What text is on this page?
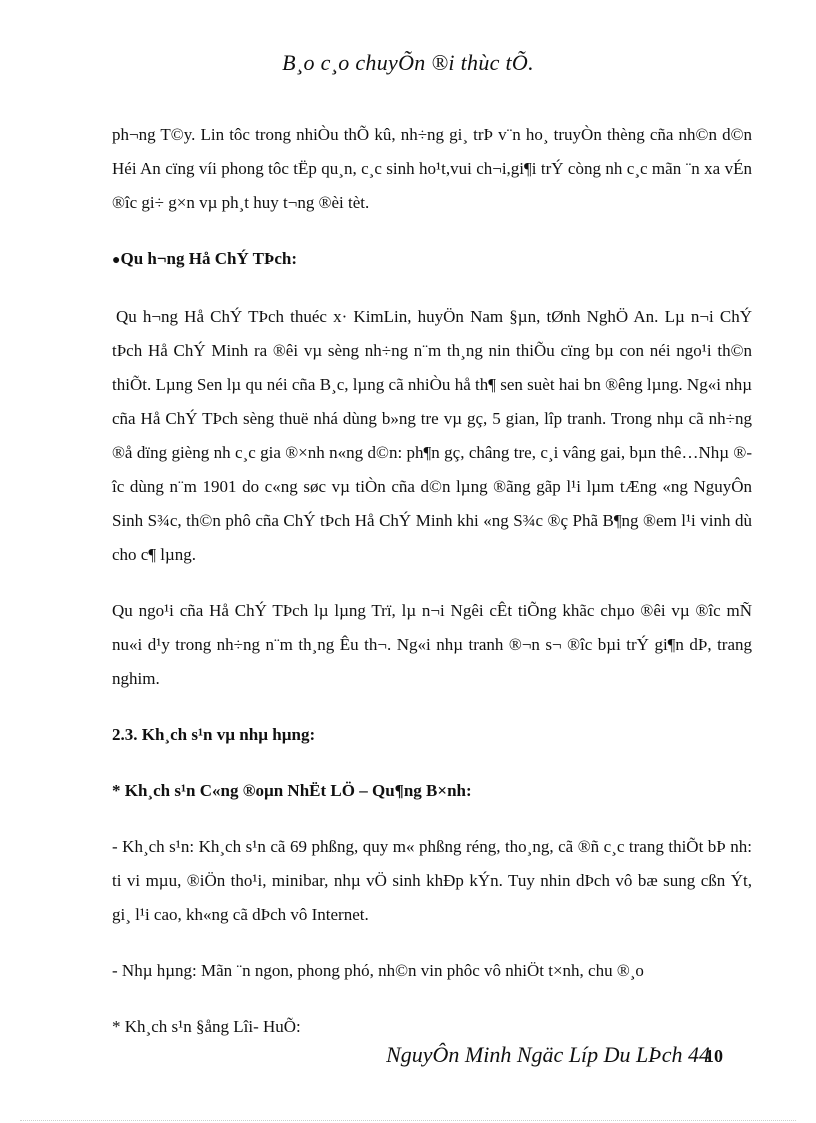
B¸o c¸o chuyÕn ®i thùc tÕ.

ph¬ng T©y. Lin tôc trong nhiÒu thÕ kû, nh÷ng gi¸ trÞ v¨n ho¸ truyÒn thèng cña nh©n d©n Héi An cïng víi phong tôc tËp qu¸n, c¸c sinh ho¹t,vui ch¬i,gi¶i trÝ còng nh c¸c mãn ¨n xa vÉn ®îc gi÷ g×n vµ ph¸t huy t¬ng ®èi tèt.

●Qu h¬ng Hå ChÝ TÞch:

Qu h¬ng Hå ChÝ TÞch thuéc x· KimLin, huyÖn Nam §µn, tØnh NghÖ An. Lµ n¬i ChÝ tÞch Hå ChÝ Minh ra ®êi vµ sèng nh÷ng n¨m th¸ng nin thiÕu cïng bµ con néi ngo¹i th©n thiÕt. Lµng Sen lµ qu néi cña B¸c, lµng cã nhiÒu hå th¶ sen suèt hai bn ®êng lµng. Ng«i nhµ cña Hå ChÝ TÞch sèng thuë nhá dùng b»ng tre vµ gç, 5 gian, lîp tranh. Trong nhµ cã nh÷ng ®å dïng gièng nh c¸c gia ®×nh n«ng d©n: ph¶n gç, châng tre, c¸i vâng gai, bµn thê…Nhµ ®îc dùng n¨m 1901 do c«ng søc vµ tiÒn cña d©n lµng ®ãng gãp l¹i lµm tÆng «ng NguyÔn Sinh S¾c, th©n phô cña ChÝ tÞch Hå ChÝ Minh khi «ng S¾c ®ç Phã B¶ng ®em l¹i vinh dù cho c¶ lµng.

Qu ngo¹i cña Hå ChÝ TÞch lµ lµng Trï, lµ n¬i Ngêi cÊt tiÕng khãc chµo ®êi vµ ®îc mÑ nu«i d¹y trong nh÷ng n¨m th¸ng Êu th¬. Ng«i nhµ tranh ®¬n s¬ ®îc bµi trÝ gi¶n dÞ, trang nghim.

2.3. Kh¸ch s¹n vµ nhµ hµng:

* Kh¸ch s¹n C«ng ®oµn NhËt LÖ – Qu¶ng B×nh:

- Kh¸ch s¹n: Kh¸ch s¹n cã 69 phßng, quy m« phßng réng, tho¸ng, cã ®ñ c¸c trang thiÕt bÞ nh: ti vi mµu, ®iÖn tho¹i, minibar, nhµ vÖ sinh khÐp kÝn. Tuy nhin dÞch vô bæ sung cßn Ýt, gi¸ l¹i cao, kh«ng cã dÞch vô Internet.

- Nhµ hµng: Mãn ¨n ngon, phong phó, nh©n vin phôc vô nhiÖt t×nh, chu ®¸o

* Kh¸ch s¹n §ång Lîi- HuÕ:

NguyÔn Minh Ngäc Líp Du LÞch 44
10
